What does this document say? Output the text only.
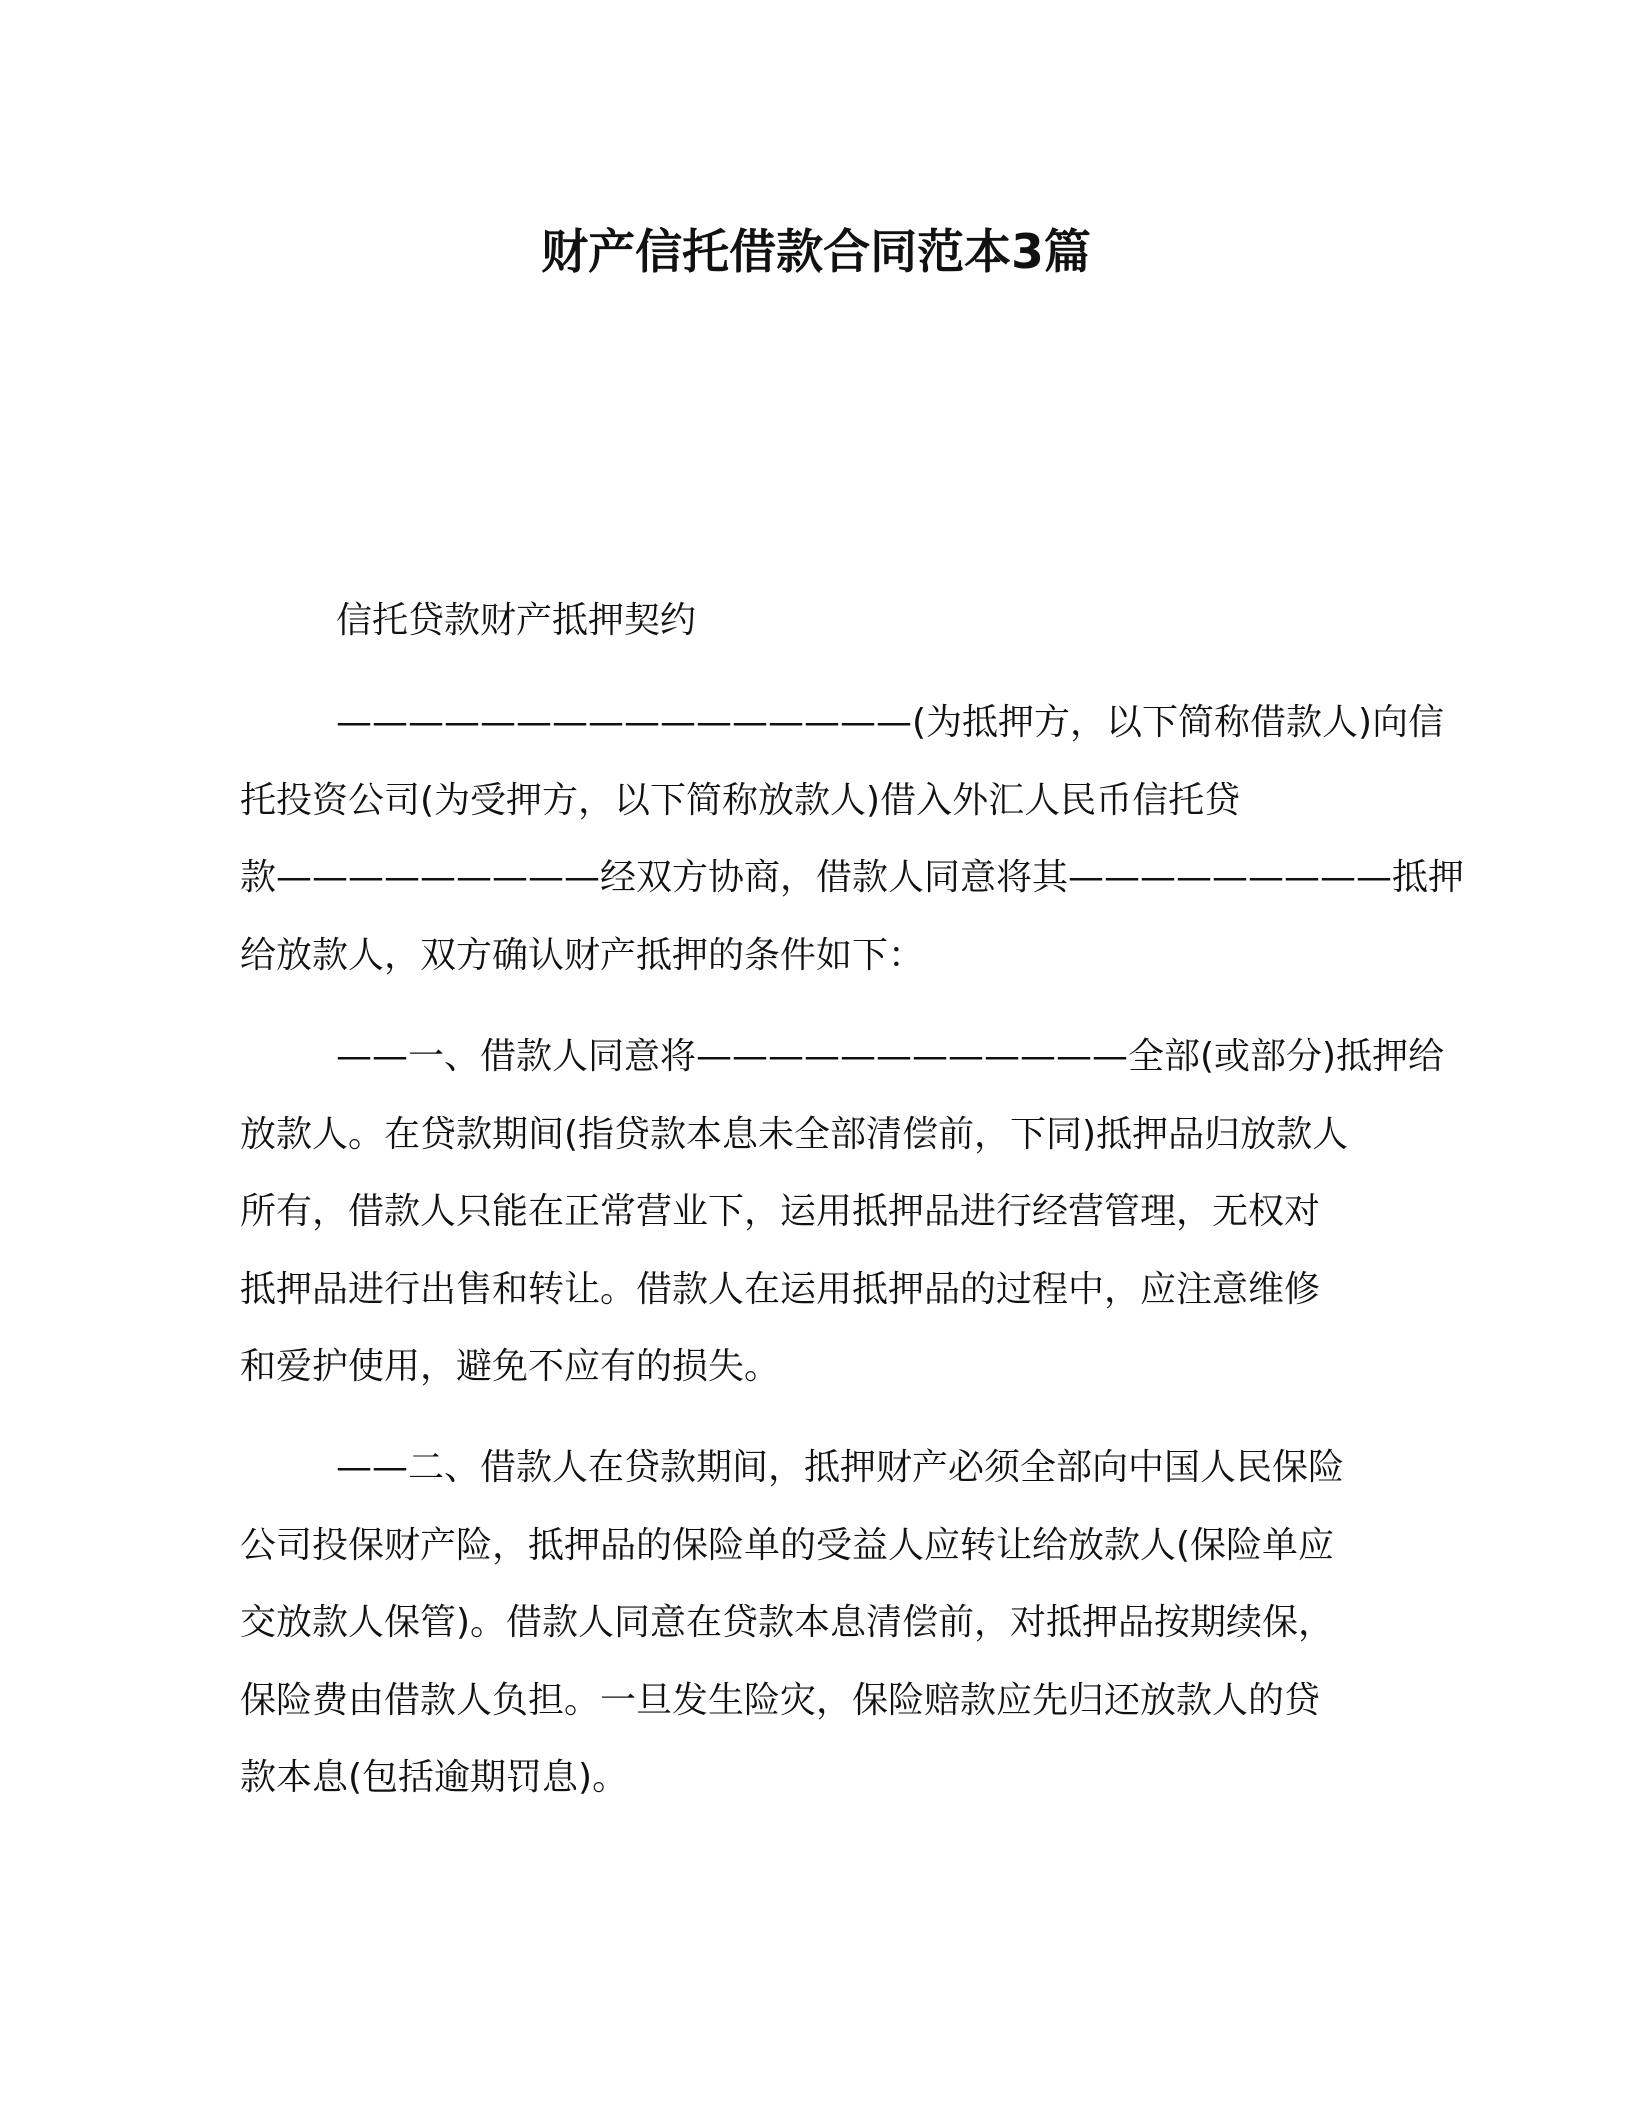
财产信托借款合同范本3篇
信托贷款财产抵押契约
————————————————(为抵押方，以下简称借款人)向信
托投资公司(为受押方，以下简称放款人)借入外汇人民币信托贷
款—————————经双方协商，借款人同意将其—————————抵押
给放款人，双方确认财产抵押的条件如下：
——一、借款人同意将————————————全部(或部分)抵押给
放款人。在贷款期间(指贷款本息未全部清偿前，下同)抵押品归放款人
所有，借款人只能在正常营业下，运用抵押品进行经营管理，无权对
抵押品进行出售和转让。借款人在运用抵押品的过程中，应注意维修
和爱护使用，避免不应有的损失。
——二、借款人在贷款期间，抵押财产必须全部向中国人民保险
公司投保财产险，抵押品的保险单的受益人应转让给放款人(保险单应
交放款人保管)。借款人同意在贷款本息清偿前，对抵押品按期续保，
保险费由借款人负担。一旦发生险灾，保险赔款应先归还放款人的贷
款本息(包括逾期罚息)。
